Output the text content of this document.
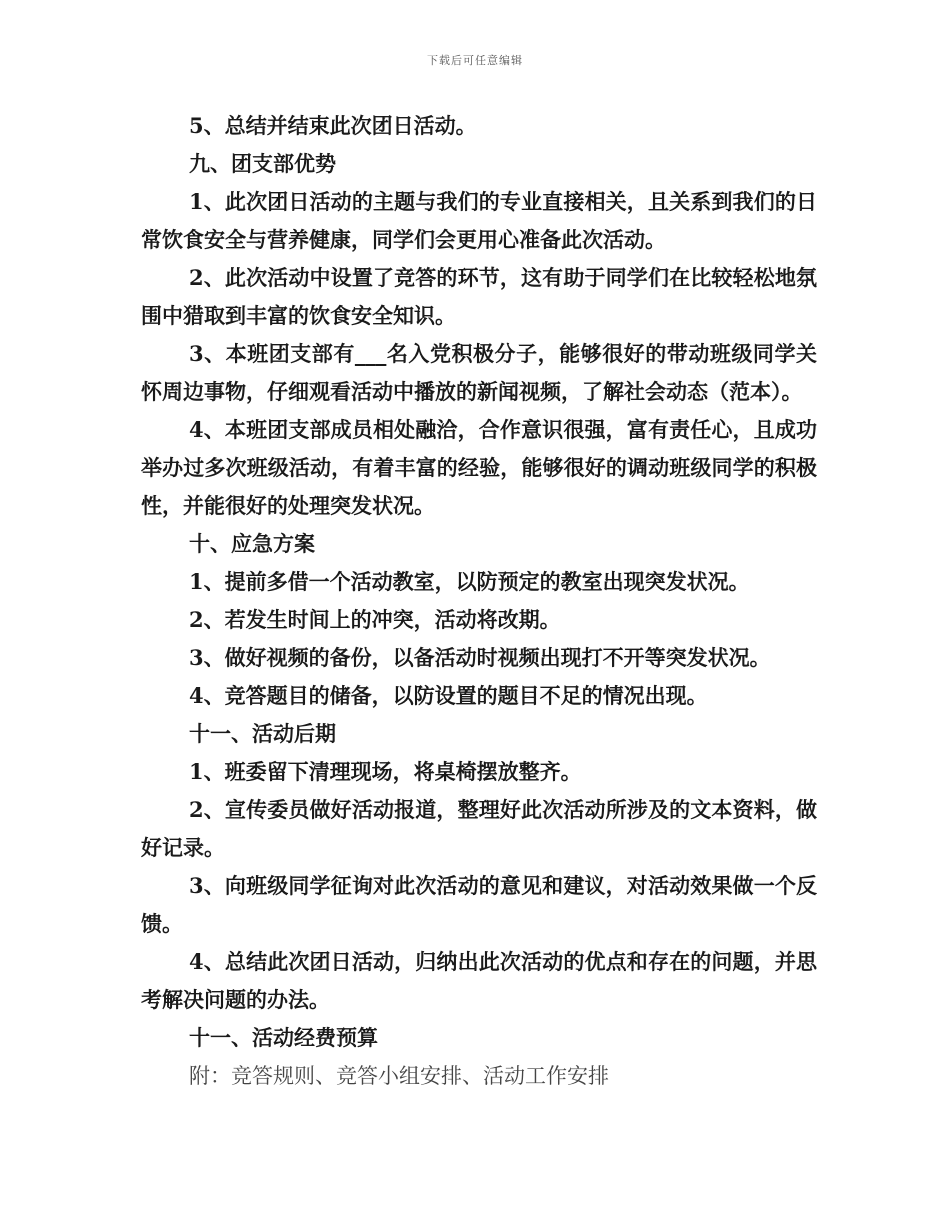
下载后可任意编辑

5、总结并结束此次团日活动。

九、团支部优势

1、此次团日活动的主题与我们的专业直接相关，且关系到我们的日常饮食安全与营养健康，同学们会更用心准备此次活动。

2、此次活动中设置了竞答的环节，这有助于同学们在比较轻松地氛围中猎取到丰富的饮食安全知识。

3、本班团支部有___名入党积极分子，能够很好的带动班级同学关怀周边事物，仔细观看活动中播放的新闻视频，了解社会动态（范本）。

4、本班团支部成员相处融洽，合作意识很强，富有责任心，且成功举办过多次班级活动，有着丰富的经验，能够很好的调动班级同学的积极性，并能很好的处理突发状况。

十、应急方案

1、提前多借一个活动教室，以防预定的教室出现突发状况。

2、若发生时间上的冲突，活动将改期。

3、做好视频的备份，以备活动时视频出现打不开等突发状况。

4、竞答题目的储备，以防设置的题目不足的情况出现。

十一、活动后期

1、班委留下清理现场，将桌椅摆放整齐。

2、宣传委员做好活动报道，整理好此次活动所涉及的文本资料，做好记录。

3、向班级同学征询对此次活动的意见和建议，对活动效果做一个反馈。

4、总结此次团日活动，归纳出此次活动的优点和存在的问题，并思考解决问题的办法。

十一、活动经费预算

附：竞答规则、竞答小组安排、活动工作安排
